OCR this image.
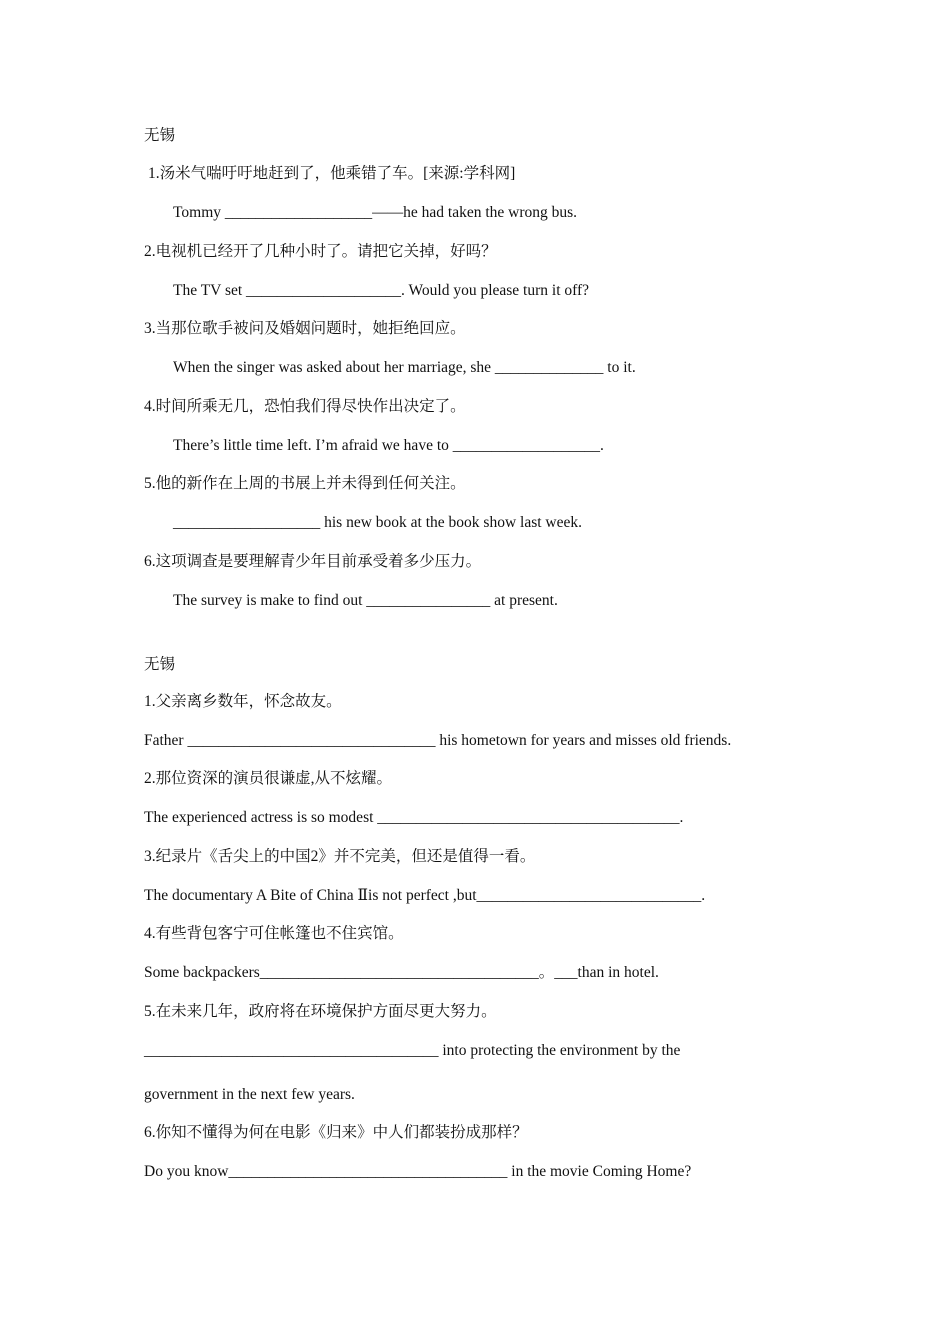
无锡
1.汤米气喘吁吁地赶到了，他乘错了车。[来源:学科网]
Tommy ___________________——he had taken the wrong bus.
2.电视机已经开了几种小时了。请把它关掉，好吗？
The TV set ____________________. Would you please turn it off?
3.当那位歌手被问及婚姻问题时，她拒绝回应。
When the singer was asked about her marriage, she ______________ to it.
4.时间所乘无几，恐怕我们得尽快作出决定了。
There’s little time left. I’m afraid we have to ___________________.
5.他的新作在上周的书展上并未得到任何关注。
___________________ his new book at the book show last week.
6.这项调查是要理解青少年目前承受着多少压力。
The survey is make to find out ________________ at present.
无锡
1.父亲离乡数年，怀念故友。
Father ________________________________ his hometown for years and misses old friends.
2.那位资深的演员很谦虚,从不炫耀。
The experienced actress is so modest _______________________________________.
3.纪录片《舌尖上的中国2》并不完美，但还是值得一看。
The documentary A Bite of China Ⅱis not perfect ,but_____________________________.
4.有些背包客宁可住帐篷也不住宾馆。
Some backpackers____________________________________。___than in hotel.
5.在未来几年，政府将在环境保护方面尽更大努力。
______________________________________ into protecting the environment by the
government in the next few years.
6.你知不懂得为何在电影《归来》中人们都装扮成那样？
Do you know____________________________________ in the movie Coming Home?
